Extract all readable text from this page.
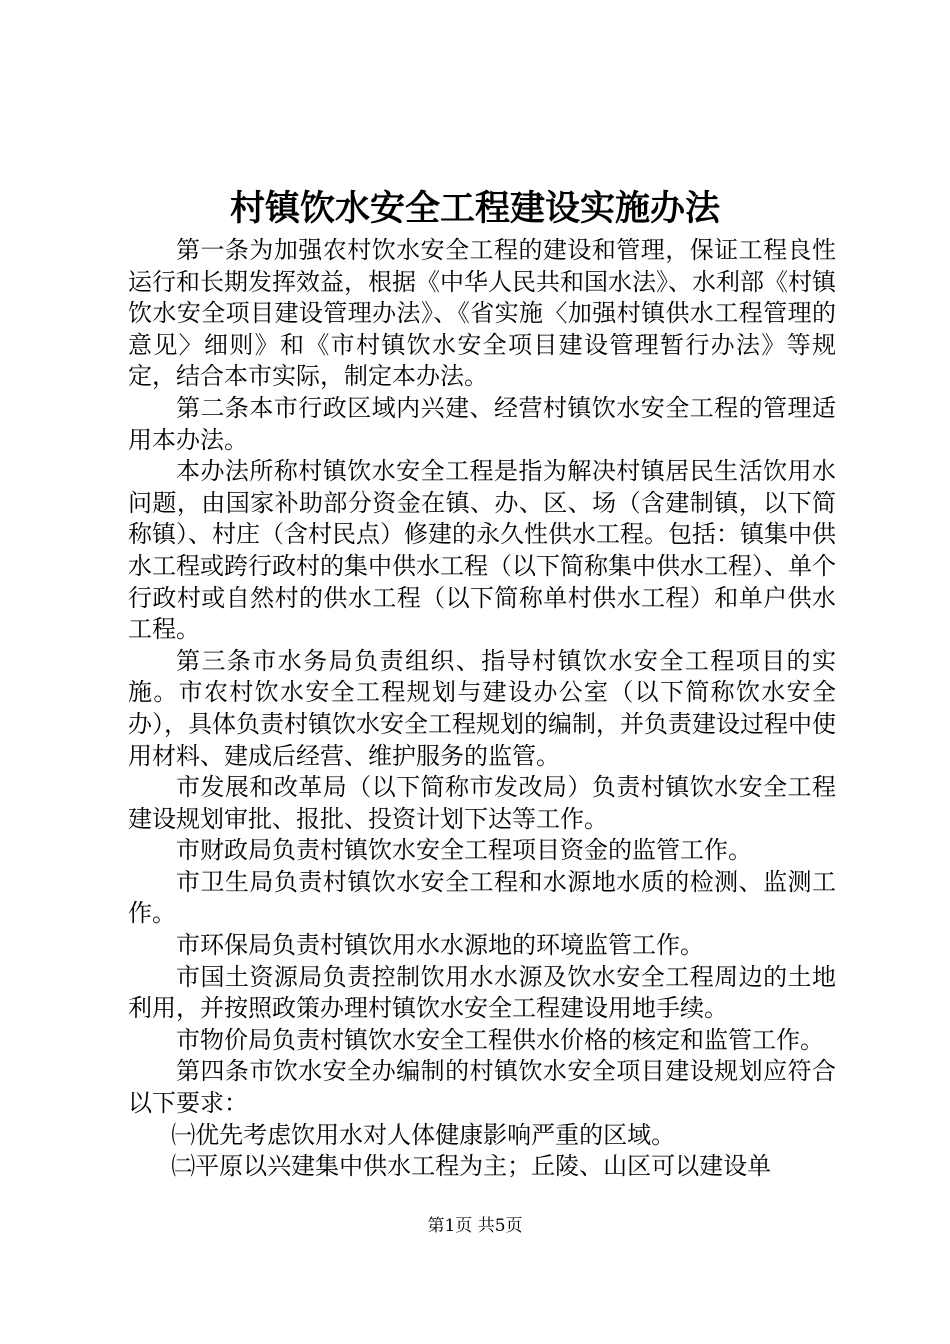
村镇饮水安全工程建设实施办法

第一条为加强农村饮水安全工程的建设和管理，保证工程良性运行和长期发挥效益，根据《中华人民共和国水法》、水利部《村镇饮水安全项目建设管理办法》、《省实施〈加强村镇供水工程管理的意见〉细则》和《市村镇饮水安全项目建设管理暂行办法》等规定，结合本市实际，制定本办法。

第二条本市行政区域内兴建、经营村镇饮水安全工程的管理适用本办法。

本办法所称村镇饮水安全工程是指为解决村镇居民生活饮用水问题，由国家补助部分资金在镇、办、区、场（含建制镇，以下简称镇）、村庄（含村民点）修建的永久性供水工程。包括：镇集中供水工程或跨行政村的集中供水工程（以下简称集中供水工程）、单个行政村或自然村的供水工程（以下简称单村供水工程）和单户供水工程。

第三条市水务局负责组织、指导村镇饮水安全工程项目的实施。市农村饮水安全工程规划与建设办公室（以下简称饮水安全办），具体负责村镇饮水安全工程规划的编制，并负责建设过程中使用材料、建成后经营、维护服务的监管。

市发展和改革局（以下简称市发改局）负责村镇饮水安全工程建设规划审批、报批、投资计划下达等工作。

市财政局负责村镇饮水安全工程项目资金的监管工作。

市卫生局负责村镇饮水安全工程和水源地水质的检测、监测工作。

市环保局负责村镇饮用水水源地的环境监管工作。

市国土资源局负责控制饮用水水源及饮水安全工程周边的土地利用，并按照政策办理村镇饮水安全工程建设用地手续。

市物价局负责村镇饮水安全工程供水价格的核定和监管工作。

第四条市饮水安全办编制的村镇饮水安全项目建设规划应符合以下要求：

㈠优先考虑饮用水对人体健康影响严重的区域。

㈡平原以兴建集中供水工程为主；丘陵、山区可以建设单

第1页 共5页
